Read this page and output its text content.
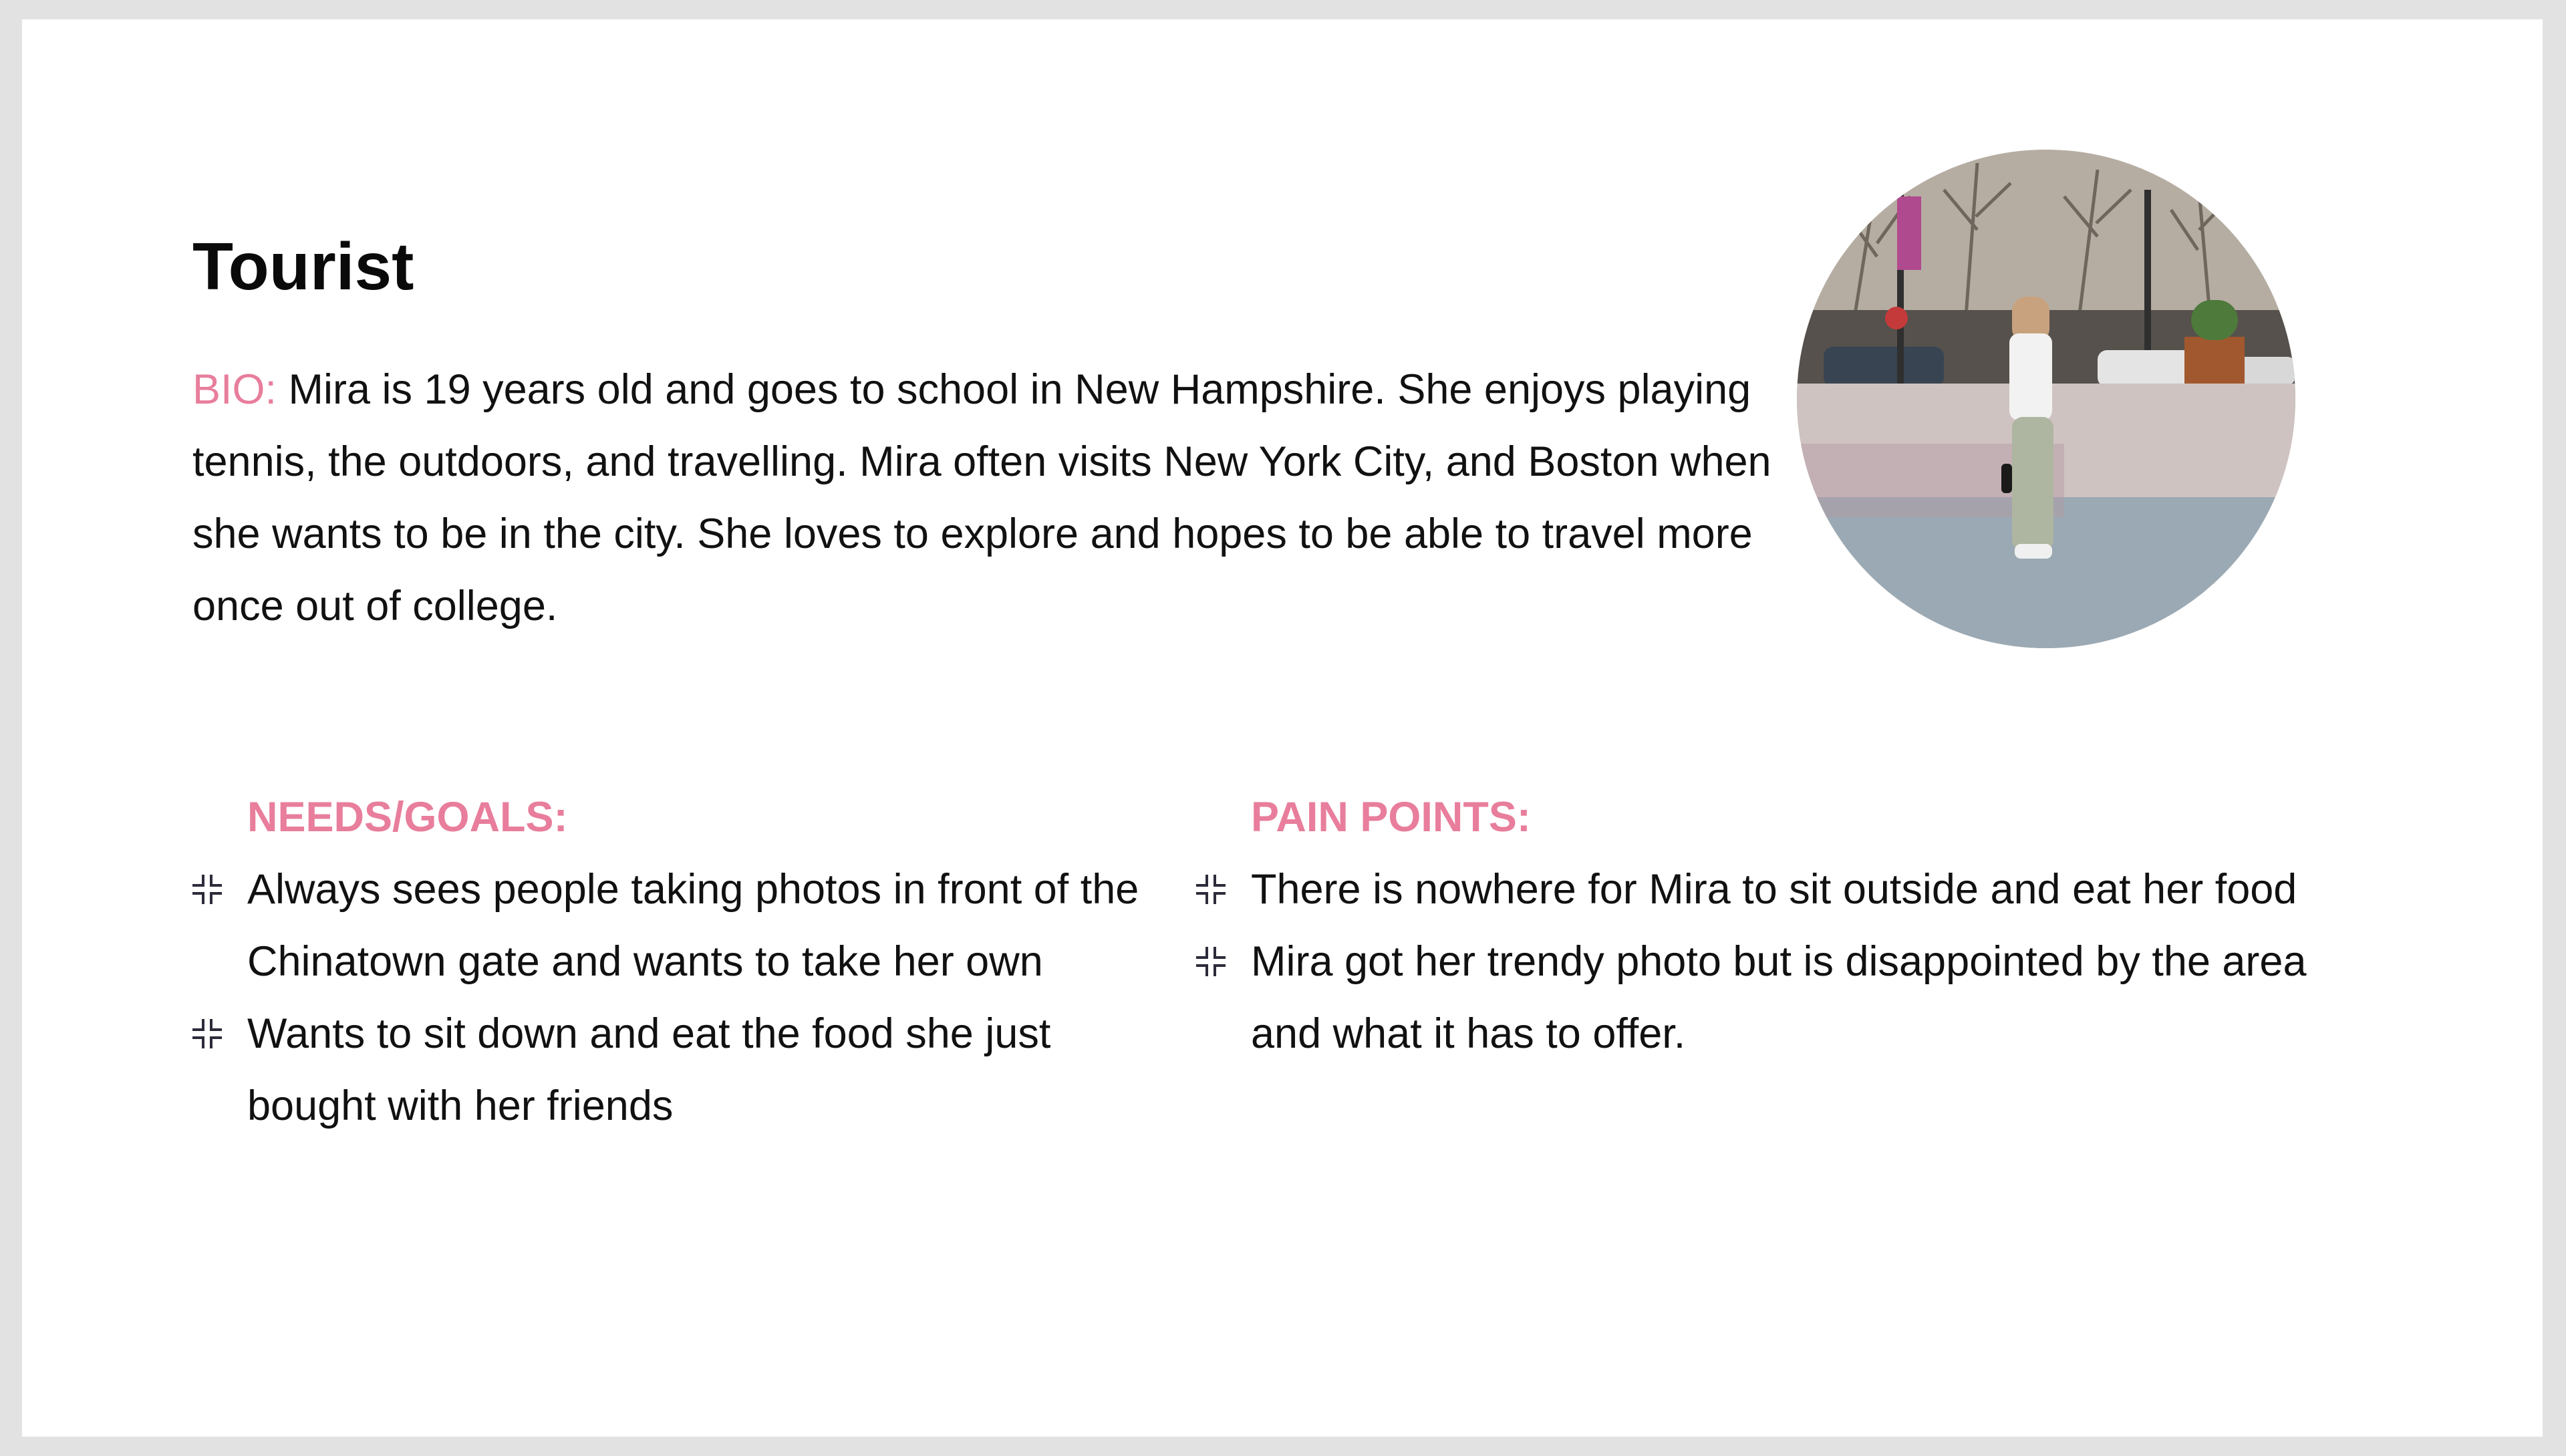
Tourist

BIO: Mira is 19 years old and goes to school in New Hampshire. She enjoys playing tennis, the outdoors, and travelling. Mira often visits New York City, and Boston when she wants to be in the city. She loves to explore and hopes to be able to travel more once out of college.

NEEDS/GOALS:
Always sees people taking photos in front of the Chinatown gate and wants to take her own
Wants to sit down and eat the food she just bought with her friends
PAIN POINTS:
There is nowhere for Mira to sit outside and eat her food
Mira got her trendy photo but is disappointed by the area and what it has to offer.
